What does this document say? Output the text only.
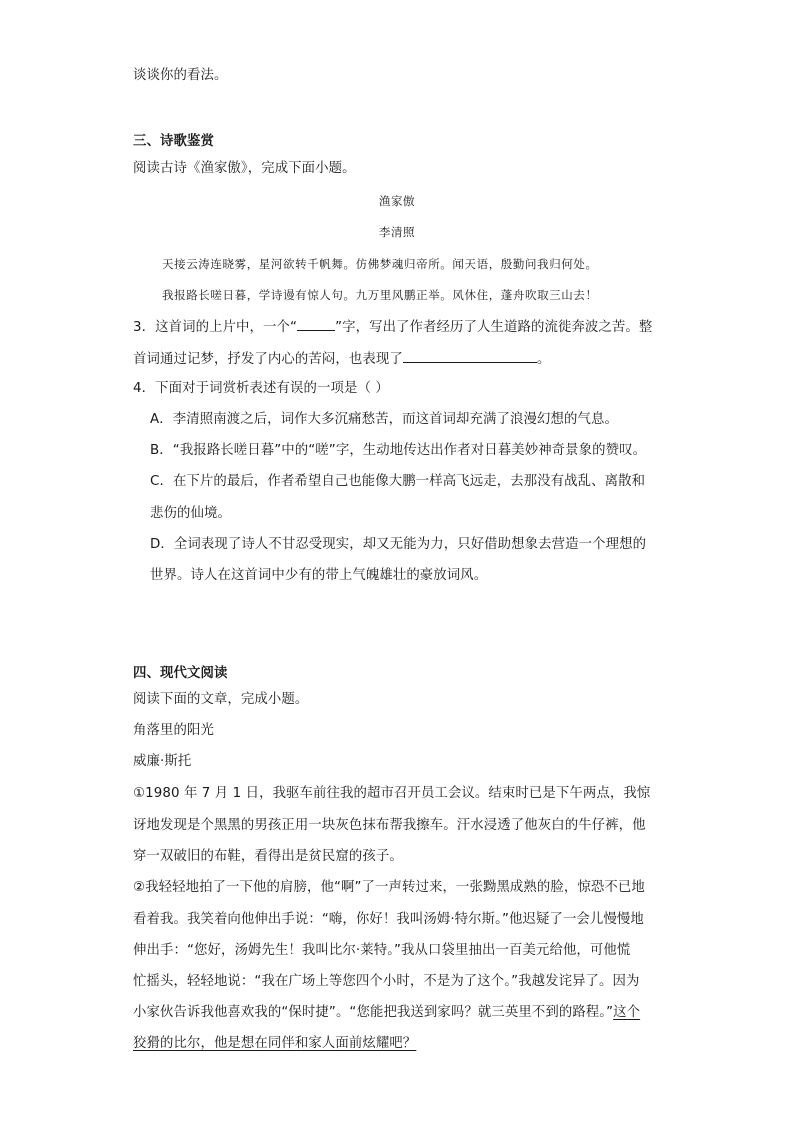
谈谈你的看法。
三、诗歌鉴赏
阅读古诗《渔家傲》，完成下面小题。
渔家傲
李清照
天接云涛连晓雾，星河欲转千帆舞。仿佛梦魂归帝所。闻天语，殷勤问我归何处。
我报路长嗟日暮，学诗谩有惊人句。九万里风鹏正举。风休住，蓬舟吹取三山去！
3．这首词的上片中，一个“	”字，写出了作者经历了人生道路的流徙奔波之苦。整
首词通过记梦，抒发了内心的苦闷，也表现了	。
4．下面对于词赏析表述有误的一项是（ ）
A．李清照南渡之后，词作大多沉痛愁苦，而这首词却充满了浪漫幻想的气息。
B．“我报路长嗟日暮”中的“嗟”字，生动地传达出作者对日暮美妙神奇景象的赞叹。
C．在下片的最后，作者希望自己也能像大鹏一样高飞远走，去那没有战乱、离散和
悲伤的仙境。
D．全词表现了诗人不甘忍受现实，却又无能为力，只好借助想象去营造一个理想的
世界。诗人在这首词中少有的带上气魄雄壮的豪放词风。
四、现代文阅读
阅读下面的文章，完成小题。
角落里的阳光
威廉·斯托
①1980 年 7 月 1 日，我驱车前往我的超市召开员工会议。结束时已是下午两点，我惊
讶地发现是个黑黑的男孩正用一块灰色抹布帮我擦车。汗水浸透了他灰白的牛仔裤，他
穿一双破旧的布鞋，看得出是贫民窟的孩子。
②我轻轻地拍了一下他的肩膀，他“啊”了一声转过来，一张黝黑成熟的脸，惊恐不已地
看着我。我笑着向他伸出手说：“嗨，你好！我叫汤姆·特尔斯。”他迟疑了一会儿慢慢地
伸出手：“您好，汤姆先生！我叫比尔·莱特。”我从口袋里抽出一百美元给他，可他慌
忙摇头，轻轻地说：“我在广场上等您四个小时，不是为了这个。”我越发诧异了。因为
小家伙告诉我他喜欢我的“保时捷”。“您能把我送到家吗？就三英里不到的路程。”这个
狡猾的比尔，他是想在同伴和家人面前炫耀吧？
